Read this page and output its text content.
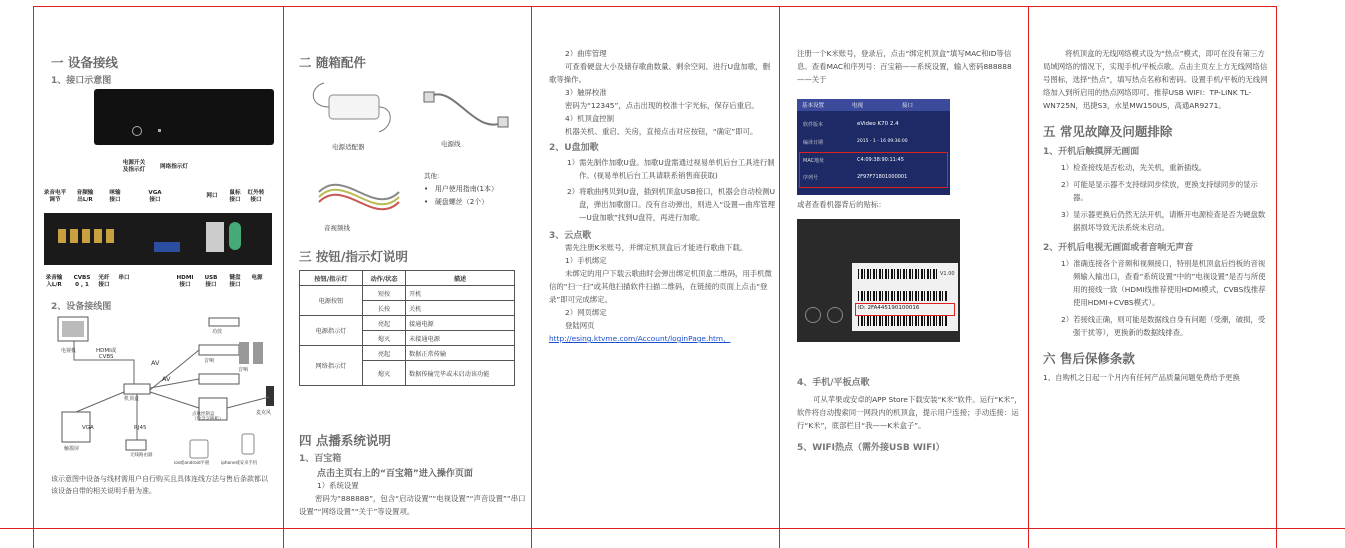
一 设备接线
1、接口示意图
电源开关
及指示灯	网络指示灯
录音电平
调节
音频输
出L/R
咪输
接口
VGA
接口
网口	鼠标
接口
红外转
接口
录音输
入L/R
CVBS
0 , 1
光纤
接口
串口	HDMI
接口
USB
接口
键盘
接口
电源
2、设备接线图
电视机	HDMI或
CVBS
AV
AV
机顶盒
功放
音响
音响
点歌控制盒
（包含交换机）
麦克风
VGA	RJ45
无线路由器
触摸屏
ios或android平板	iphone或安卓手机
该示意图中设备与线材需用户自行购买且具体连线方法与售后条款都以该设备自带的相关说明手册为准。
二 随箱配件
电源适配器	电源线
音视频线
其他：
•   用户使用指南(1本）
•   硬盘螺丝（2个）
三 按钮/指示灯说明
按钮/指示灯	动作/状态	描述
电源按钮	短按	开机
	长按	关机
电源指示灯	亮起	接通电源
	熄灭	未接通电源
网络指示灯	亮起	数据正常传输
	熄灭	数据传输完毕或未启动该功能
四 点播系统说明
1、百宝箱
点击主页右上的“百宝箱”进入操作页面
1）系统设置
密码为“888888”，包含“启动设置”“电视设置”“声音设置”“串口设置”“网络设置”“关于”等设置项。

2）曲库管理

可查看硬盘大小及储存歌曲数量、剩余空间、进行U盘加歌，删歌等操作。

3）触屏校准

密码为“12345”，点击出现的校准十字光标，保存后重启。

4）机顶盒控制

机器关机、重启、关房，直接点击对应按钮，“确定”即可。

2、U盘加歌

1）需先制作加歌U盘。加歌U盘需通过视易单机后台工具进行制作。(视易单机后台工具请联系销售商获取)

2）将歌曲拷贝到U盘，插到机顶盒USB接口，机器会自动检测U盘，弹出加歌窗口。没有自动弹出，则进入“设置—曲库管理—U盘加歌”找到U盘符，再进行加歌。

3、云点歌

需先注册K米账号，并绑定机顶盒后才能进行歌曲下载。

1）手机绑定

未绑定的用户下载云歌曲时会弹出绑定机顶盒二维码，用手机微信的“扫一扫”或其他扫描软件扫描二维码，在链接的页面上点击“登录”即可完成绑定。

2）网页绑定

登陆网页

http://esing.ktvme.com/Account/loginPage.htm，

注册一个K米账号，登录后，点击“绑定机顶盒”填写MAC和ID等信息。查看MAC和序列号：百宝箱——系统设置，输入密码888888——关于
基本设置	电视	接口
软件版本	eVideo K70 2.4
编译日期	2015 - 1 - 16 09:36:00
MAC地址	C4:09:38:90:11:45
序列号	2F97F71801000001
或者查看机器背后的贴标：
V1.00
ID: 2FA445190100016
4、手机/平板点歌
可从苹果或安卓的APP Store下载安装“K米”软件。运行“K米”，软件将自动搜索同一网段内的机顶盒，提示用户连接；手动连接：运行“K米”，底部栏目“我——K米盒子”。
5、WIFI热点（需外接USB WIFI）

将机顶盒的无线网络模式设为“热点”模式，即可在没有第三方局域网络的情况下，实现手机/平板点歌。点击主页左上方无线网络信号图标，选择“热点”，填写热点名称和密码。设置手机/平板的无线网络加入到所启用的热点网络即可。推荐USB WIFI：TP-LINK TL-WN725N，迅捷S3，水星MW150US，高通AR9271。

五 常见故障及问题排除

1、开机后触摸屏无画面

1）检查接线是否松动，先关机，重新插线。

2）可能是显示器不支持绿同步续放，更换支持绿同步的显示器。

3）显示器更换后仍然无法开机，请断开电源检查是否为硬盘数据损坏导致无法系统未启动。

2、开机后电视无画面或者音响无声音

1）准确连接各个音频和视频接口，特别是机顶盒后挡板的音视频输入输出口，查看”系统设置”中的”电视设置”是否与所使用的接线一致（HDMI线推荐使用HDMI模式，CVBS线推荐使用HDMI+CVBS模式）。

2）若接线正确，则可能是数据线自身有问题（受潮，破损，受强干扰等），更换新的数据线排查。

六 售后保修条款

1、自购机之日起一个月内有任何产品质量问题免费给予更换
